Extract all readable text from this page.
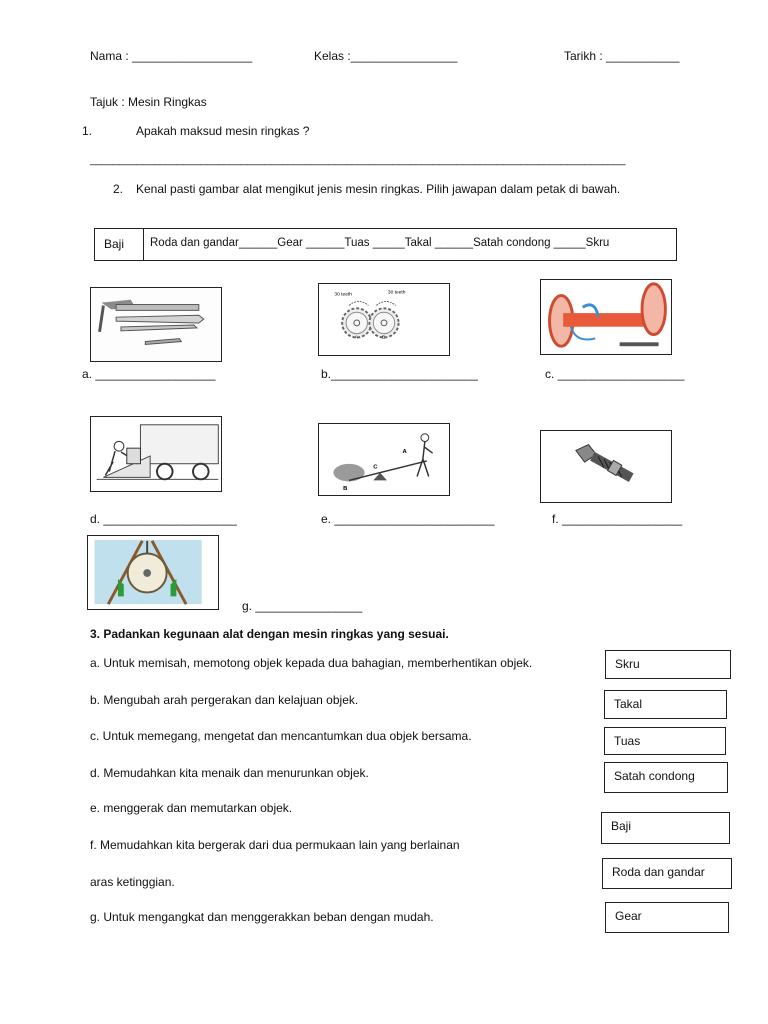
Nama : __________________	Kelas :________________	Tarikh : ___________
Tajuk : Mesin Ringkas
1.	Apakah maksud mesin ringkas ?
____________________________________________________________________________________________
2. Kenal pasti gambar alat mengikut jenis mesin ringkas. Pilih jawapan dalam petak di bawah.
Baji Roda dan gandar______Gear ______Tuas _____Takal ______Satah condong _____Skru
30 teeth	30 teeth
A	B
a. __________________	b.______________________	c. ___________________
A
C
B
d. ____________________	e. ________________________	f. __________________
g. ________________
3. Padankan kegunaan alat dengan mesin ringkas yang sesuai.
a. Untuk memisah, memotong objek kepada dua bahagian, memberhentikan objek.
b. Mengubah arah pergerakan dan kelajuan objek.
c. Untuk memegang, mengetat dan mencantumkan dua objek bersama.
d. Memudahkan kita menaik dan menurunkan objek.
e. menggerak dan memutarkan objek.
f. Memudahkan kita bergerak dari dua permukaan lain yang berlainan
aras ketinggian.
g. Untuk mengangkat dan menggerakkan beban dengan mudah.
Skru
Takal
Tuas
Satah condong
Baji
Roda dan gandar
Gear
